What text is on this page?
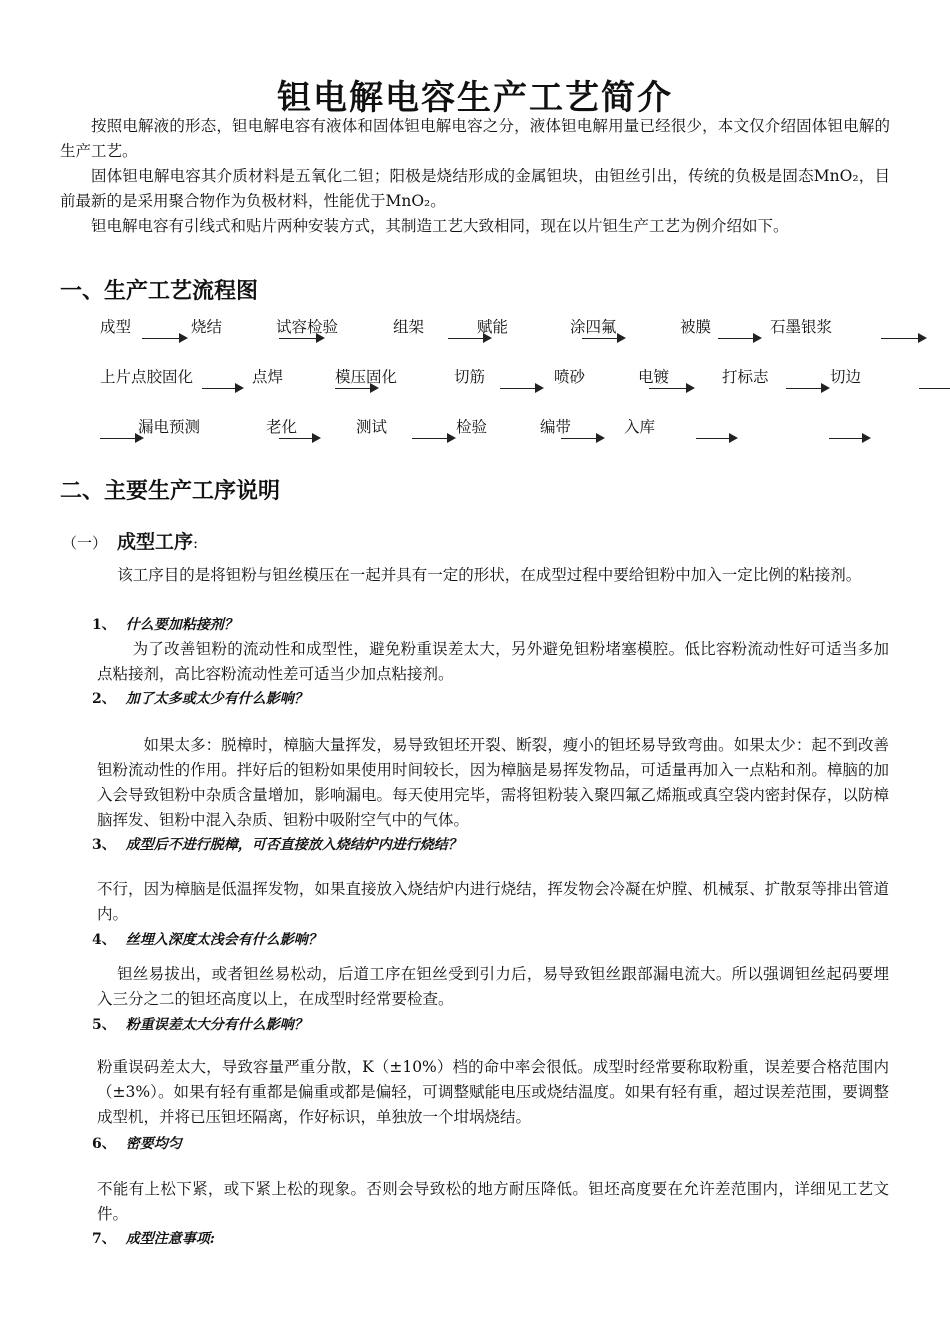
钽电解电容生产工艺简介
按照电解液的形态，钽电解电容有液体和固体钽电解电容之分，液体钽电解用量已经很少，本文仅介绍固体钽电解的生产工艺。
固体钽电解电容其介质材料是五氧化二钽；阳极是烧结形成的金属钽块，由钽丝引出，传统的负极是固态MnO₂，目前最新的是采用聚合物作为负极材料，性能优于MnO₂。
钽电解电容有引线式和贴片两种安装方式，其制造工艺大致相同，现在以片钽生产工艺为例介绍如下。
一、生产工艺流程图
成型
	烧结
	试容检验
	组架
	赋能
	涂四氟
	被膜
	石墨银浆
上片点胶固化
	点焊
	模压固化
	切筋
	喷砂
	电镀
	打标志	切边

漏电预测
	老化
	测试
	检验
	编带	入库
二、主要生产工序说明
（一） 成型工序:
该工序目的是将钽粉与钽丝模压在一起并具有一定的形状，在成型过程中要给钽粉中加入一定比例的粘接剂。
1、 什么要加粘接剂？
为了改善钽粉的流动性和成型性，避免粉重误差太大，另外避免钽粉堵塞模腔。低比容粉流动性好可适当多加点粘接剂，高比容粉流动性差可适当少加点粘接剂。
2、 加了太多或太少有什么影响？
如果太多：脱樟时，樟脑大量挥发，易导致钽坯开裂、断裂，瘦小的钽坯易导致弯曲。如果太少：起不到改善钽粉流动性的作用。拌好后的钽粉如果使用时间较长，因为樟脑是易挥发物品，可适量再加入一点粘和剂。樟脑的加入会导致钽粉中杂质含量增加，影响漏电。每天使用完毕，需将钽粉装入聚四氟乙烯瓶或真空袋内密封保存，以防樟脑挥发、钽粉中混入杂质、钽粉中吸附空气中的气体。
3、 成型后不进行脱樟，可否直接放入烧结炉内进行烧结？
不行，因为樟脑是低温挥发物，如果直接放入烧结炉内进行烧结，挥发物会冷凝在炉膛、机械泵、扩散泵等排出管道内。
4、 丝埋入深度太浅会有什么影响？
钽丝易拔出，或者钽丝易松动，后道工序在钽丝受到引力后，易导致钽丝跟部漏电流大。所以强调钽丝起码要埋入三分之二的钽坯高度以上，在成型时经常要检查。
5、 粉重误差太大分有什么影响？
粉重误码差太大，导致容量严重分散，K（±10%）档的命中率会很低。成型时经常要称取粉重，误差要合格范围内（±3%）。如果有轻有重都是偏重或都是偏轻，可调整赋能电压或烧结温度。如果有轻有重，超过误差范围，要调整成型机，并将已压钽坯隔离，作好标识，单独放一个坩埚烧结。
6、 密要均匀
不能有上松下紧，或下紧上松的现象。否则会导致松的地方耐压降低。钽坯高度要在允许差范围内，详细见工艺文件。
7、 成型注意事项:
